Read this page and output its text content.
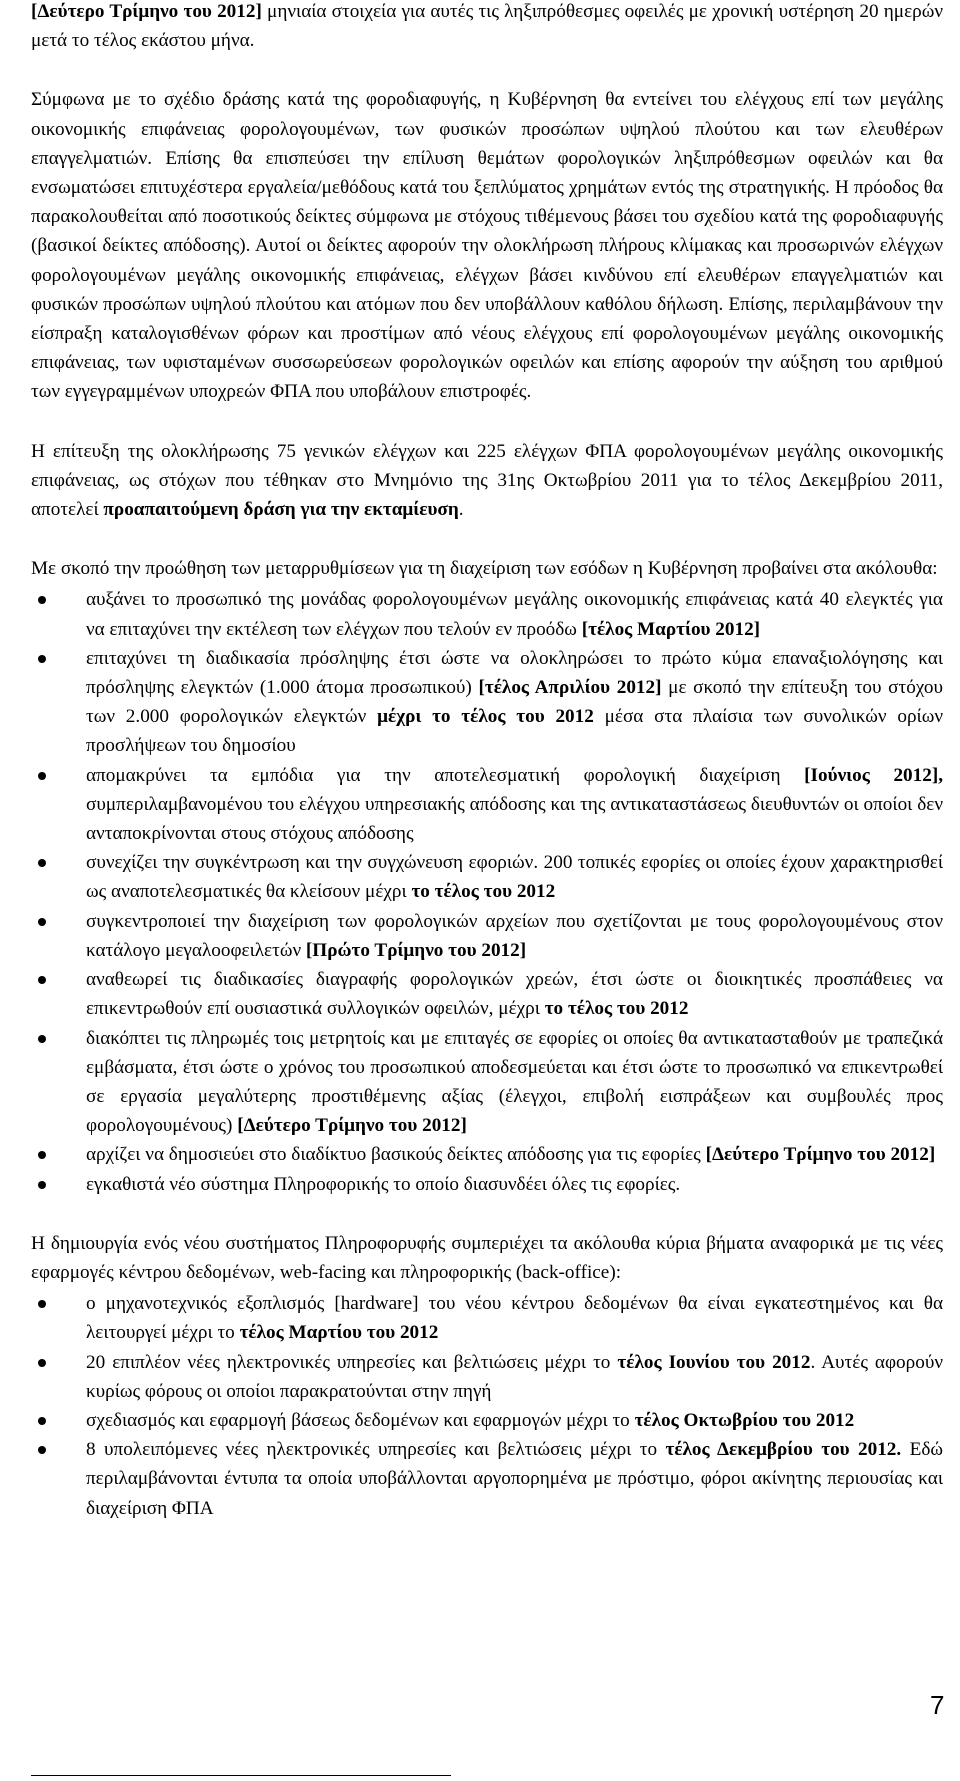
[Δεύτερο Τρίμηνο του 2012] μηνιαία στοιχεία για αυτές τις ληξιπρόθεσμες οφειλές με χρονική υστέρηση 20 ημερών μετά το τέλος εκάστου μήνα.

Σύμφωνα με το σχέδιο δράσης κατά της φοροδιαφυγής, η Κυβέρνηση θα εντείνει του ελέγχους επί των μεγάλης οικονομικής επιφάνειας φορολογουμένων, των φυσικών προσώπων υψηλού πλούτου και των ελευθέρων επαγγελματιών. Επίσης θα επισπεύσει την επίλυση θεμάτων φορολογικών ληξιπρόθεσμων οφειλών και θα ενσωματώσει επιτυχέστερα εργαλεία/μεθόδους κατά του ξεπλύματος χρημάτων εντός της στρατηγικής. Η πρόοδος θα παρακολουθείται από ποσοτικούς δείκτες σύμφωνα με στόχους τιθέμενους βάσει του σχεδίου κατά της φοροδιαφυγής (βασικοί δείκτες απόδοσης). Αυτοί οι δείκτες αφορούν την ολοκλήρωση πλήρους κλίμακας και προσωρινών ελέγχων φορολογουμένων μεγάλης οικονομικής επιφάνειας, ελέγχων βάσει κινδύνου επί ελευθέρων επαγγελματιών και φυσικών προσώπων υψηλού πλούτου και ατόμων που δεν υποβάλλουν καθόλου δήλωση. Επίσης, περιλαμβάνουν την είσπραξη καταλογισθένων φόρων και προστίμων από νέους ελέγχους επί φορολογουμένων μεγάλης οικονομικής επιφάνειας, των υφισταμένων συσσωρεύσεων φορολογικών οφειλών και επίσης αφορούν την αύξηση του αριθμού των εγγεγραμμένων υποχρεών ΦΠΑ που υποβάλουν επιστροφές.

Η επίτευξη της ολοκλήρωσης 75 γενικών ελέγχων και 225 ελέγχων ΦΠΑ φορολογουμένων μεγάλης οικονομικής επιφάνειας, ως στόχων που τέθηκαν στο Μνημόνιο της 31ης Οκτωβρίου 2011 για το τέλος Δεκεμβρίου 2011, αποτελεί προαπαιτούμενη δράση για την εκταμίευση.

Με σκοπό την προώθηση των μεταρρυθμίσεων για τη διαχείριση των εσόδων η Κυβέρνηση προβαίνει στα ακόλουθα:

αυξάνει το προσωπικό της μονάδας φορολογουμένων μεγάλης οικονομικής επιφάνειας κατά 40 ελεγκτές για να επιταχύνει την εκτέλεση των ελέγχων που τελούν εν προόδω [τέλος Μαρτίου 2012]
επιταχύνει τη διαδικασία πρόσληψης έτσι ώστε να ολοκληρώσει το πρώτο κύμα επαναξιολόγησης και πρόσληψης ελεγκτών (1.000 άτομα προσωπικού) [τέλος Απριλίου 2012] με σκοπό την επίτευξη του στόχου των 2.000 φορολογικών ελεγκτών μέχρι το τέλος του 2012 μέσα στα πλαίσια των συνολικών ορίων προσλήψεων του δημοσίου
απομακρύνει τα εμπόδια για την αποτελεσματική φορολογική διαχείριση [Ιούνιος 2012], συμπεριλαμβανομένου του ελέγχου υπηρεσιακής απόδοσης και της αντικαταστάσεως διευθυντών οι οποίοι δεν ανταποκρίνονται στους στόχους απόδοσης
συνεχίζει την συγκέντρωση και την συγχώνευση εφοριών. 200 τοπικές εφορίες οι οποίες έχουν χαρακτηρισθεί ως αναποτελεσματικές θα κλείσουν μέχρι το τέλος του 2012
συγκεντροποιεί την διαχείριση των φορολογικών αρχείων που σχετίζονται με τους φορολογουμένους στον κατάλογο μεγαλοοφειλετών [Πρώτο Τρίμηνο του 2012]
αναθεωρεί τις διαδικασίες διαγραφής φορολογικών χρεών, έτσι ώστε οι διοικητικές προσπάθειες να επικεντρωθούν επί ουσιαστικά συλλογικών οφειλών, μέχρι το τέλος του 2012
διακόπτει τις πληρωμές τοις μετρητοίς και με επιταγές σε εφορίες οι οποίες θα αντικατασταθούν με τραπεζικά εμβάσματα, έτσι ώστε ο χρόνος του προσωπικού αποδεσμεύεται και έτσι ώστε το προσωπικό να επικεντρωθεί σε εργασία μεγαλύτερης προστιθέμενης αξίας (έλεγχοι, επιβολή εισπράξεων και συμβουλές προς φορολογουμένους) [Δεύτερο Τρίμηνο του 2012]
αρχίζει να δημοσιεύει στο διαδίκτυο βασικούς δείκτες απόδοσης για τις εφορίες [Δεύτερο Τρίμηνο του 2012]
εγκαθιστά νέο σύστημα Πληροφορικής το οποίο διασυνδέει όλες τις εφορίες.

Η δημιουργία ενός νέου συστήματος Πληροφορυφής συμπεριέχει τα ακόλουθα κύρια βήματα αναφορικά με τις νέες εφαρμογές κέντρου δεδομένων, web-facing και πληροφορικής (back-office):

ο μηχανοτεχνικός εξοπλισμός [hardware] του νέου κέντρου δεδομένων θα είναι εγκατεστημένος και θα λειτουργεί μέχρι το τέλος Μαρτίου του 2012
20 επιπλέον νέες ηλεκτρονικές υπηρεσίες και βελτιώσεις μέχρι το τέλος Ιουνίου του 2012. Αυτές αφορούν κυρίως φόρους οι οποίοι παρακρατούνται στην πηγή
σχεδιασμός και εφαρμογή βάσεως δεδομένων και εφαρμογών μέχρι το τέλος Οκτωβρίου του 2012
8 υπολειπόμενες νέες ηλεκτρονικές υπηρεσίες και βελτιώσεις μέχρι το τέλος Δεκεμβρίου του 2012. Εδώ περιλαμβάνονται έντυπα τα οποία υποβάλλονται αργοπορημένα με πρόστιμο, φόροι ακίνητης περιουσίας και διαχείριση ΦΠΑ
7
